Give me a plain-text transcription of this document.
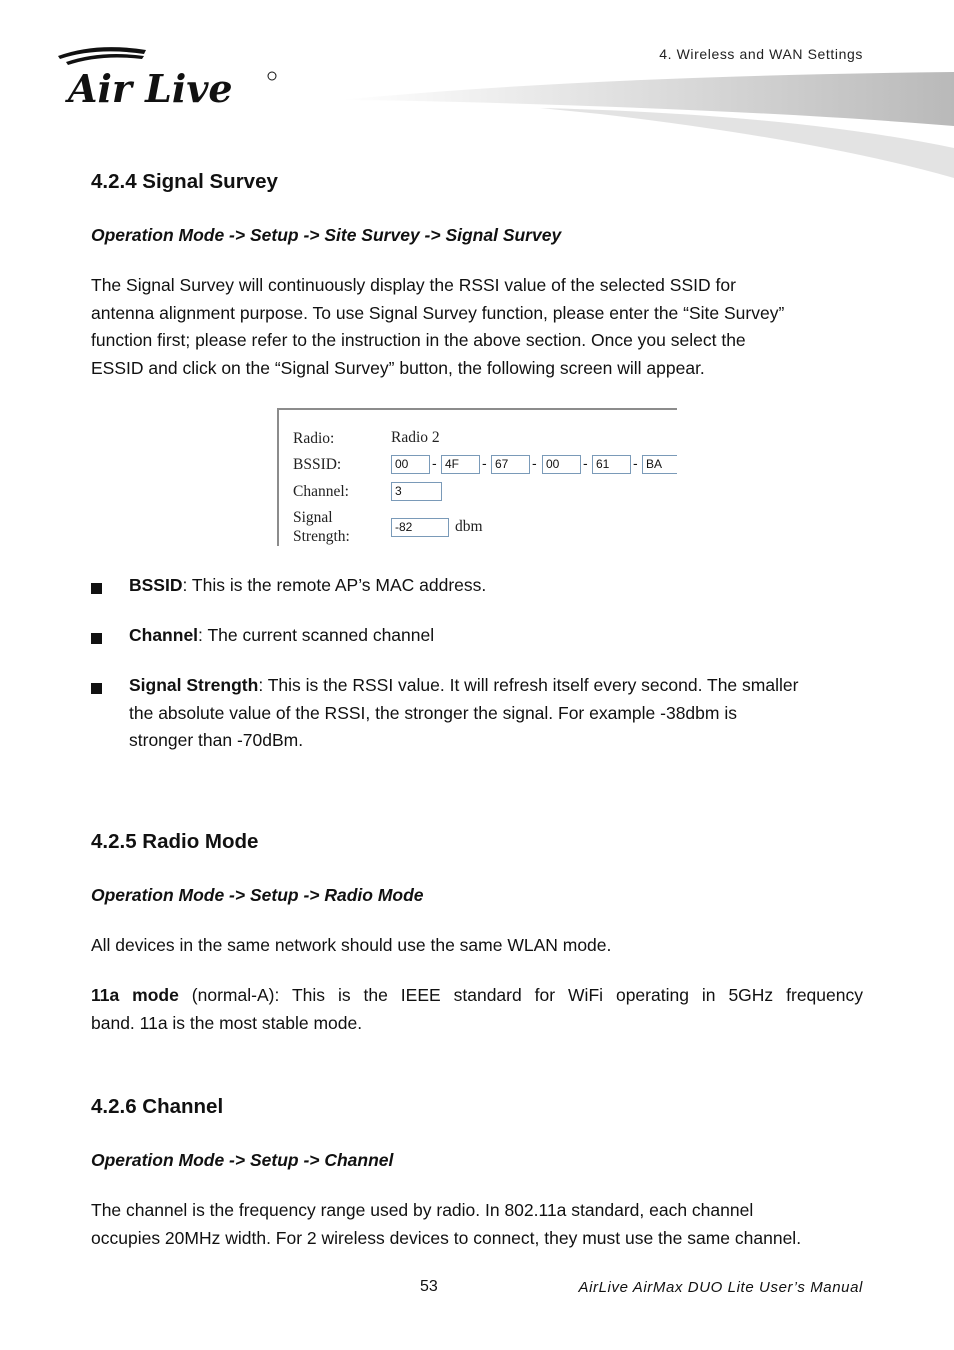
Air Live
4. Wireless and WAN Settings
4.2.4 Signal Survey
Operation Mode -> Setup -> Site Survey -> Signal Survey
The Signal Survey will continuously display the RSSI value of the selected SSID for
antenna alignment purpose. To use Signal Survey function, please enter the “Site Survey”
function first; please refer to the instruction in the above section. Once you select the
ESSID and click on the “Signal Survey” button, the following screen will appear.
Radio:	Radio 2
BSSID:	00	- 4F	- 67	- 00	- 61	- BA
Channel:	3
Signal
Strength:
-82	dbm
BSSID: This is the remote AP’s MAC address.
Channel: The current scanned channel
Signal Strength: This is the RSSI value. It will refresh itself every second. The smaller
the absolute value of the RSSI, the stronger the signal. For example -38dbm is
stronger than -70dBm.
4.2.5 Radio Mode
Operation Mode -> Setup -> Radio Mode
All devices in the same network should use the same WLAN mode.
11a mode (normal-A): This is the IEEE standard for WiFi operating in 5GHz frequency
band. 11a is the most stable mode.
4.2.6 Channel
Operation Mode -> Setup -> Channel
The channel is the frequency range used by radio. In 802.11a standard, each channel
occupies 20MHz width. For 2 wireless devices to connect, they must use the same channel.
53	AirLive AirMax DUO Lite User’s Manual
